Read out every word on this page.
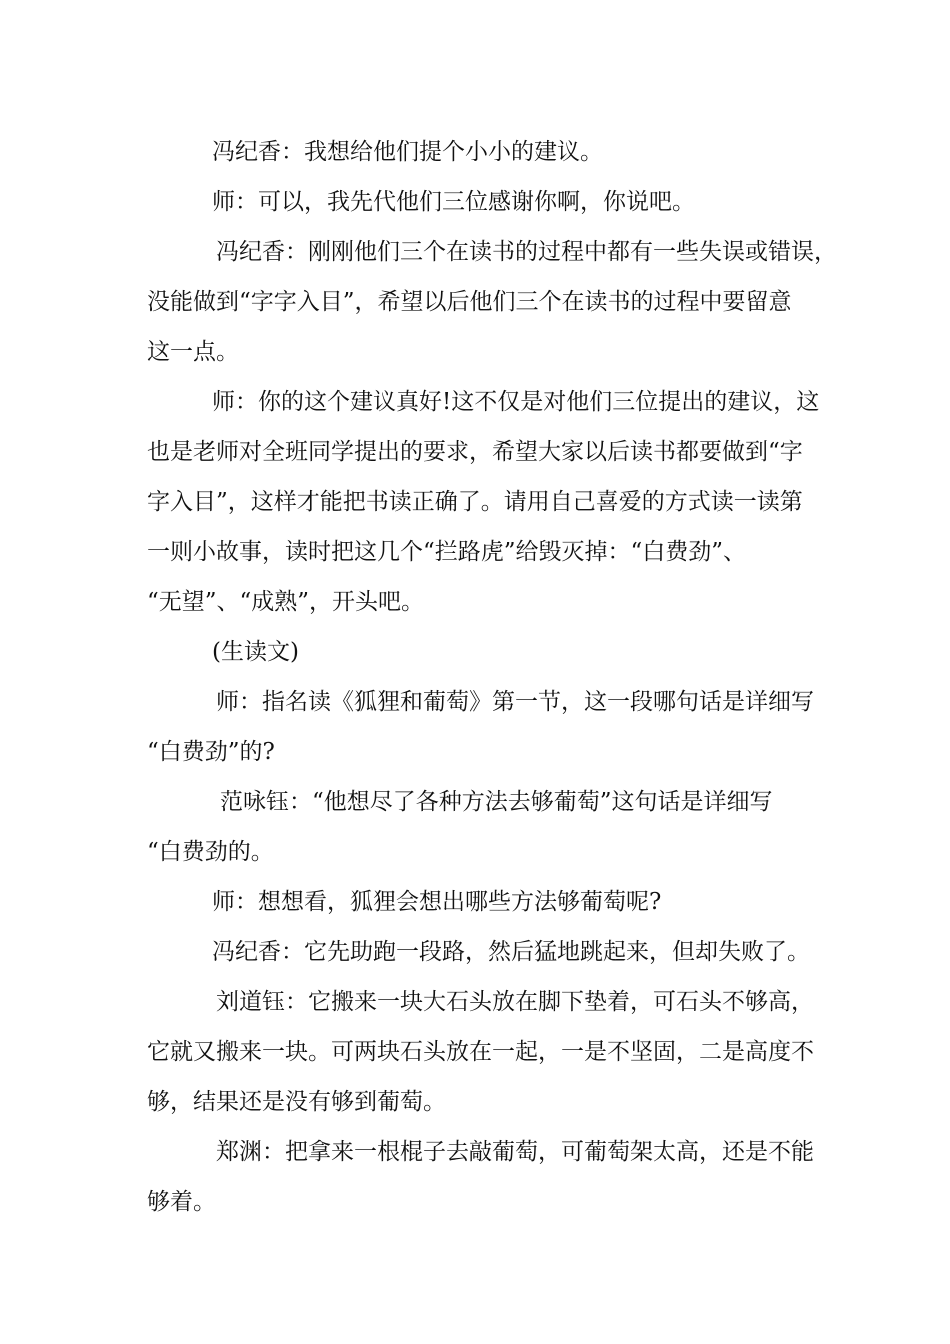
冯纪香：我想给他们提个小小的建议。
师：可以，我先代他们三位感谢你啊，你说吧。
冯纪香：刚刚他们三个在读书的过程中都有一些失误或错误，
没能做到“字字入目”，希望以后他们三个在读书的过程中要留意
这一点。
师：你的这个建议真好!这不仅是对他们三位提出的建议，这
也是老师对全班同学提出的要求，希望大家以后读书都要做到“字
字入目”，这样才能把书读正确了。请用自己喜爱的方式读一读第
一则小故事，读时把这几个“拦路虎”给毁灭掉：“白费劲”、
“无望”、“成熟”，开头吧。
(生读文)
师：指名读《狐狸和葡萄》第一节，这一段哪句话是详细写
“白费劲”的?
范咏钰：“他想尽了各种方法去够葡萄”这句话是详细写
“白费劲的。
师：想想看，狐狸会想出哪些方法够葡萄呢?
冯纪香：它先助跑一段路，然后猛地跳起来，但却失败了。
刘道钰：它搬来一块大石头放在脚下垫着，可石头不够高，
它就又搬来一块。可两块石头放在一起，一是不坚固，二是高度不
够，结果还是没有够到葡萄。
郑渊：把拿来一根棍子去敲葡萄，可葡萄架太高，还是不能
够着。
